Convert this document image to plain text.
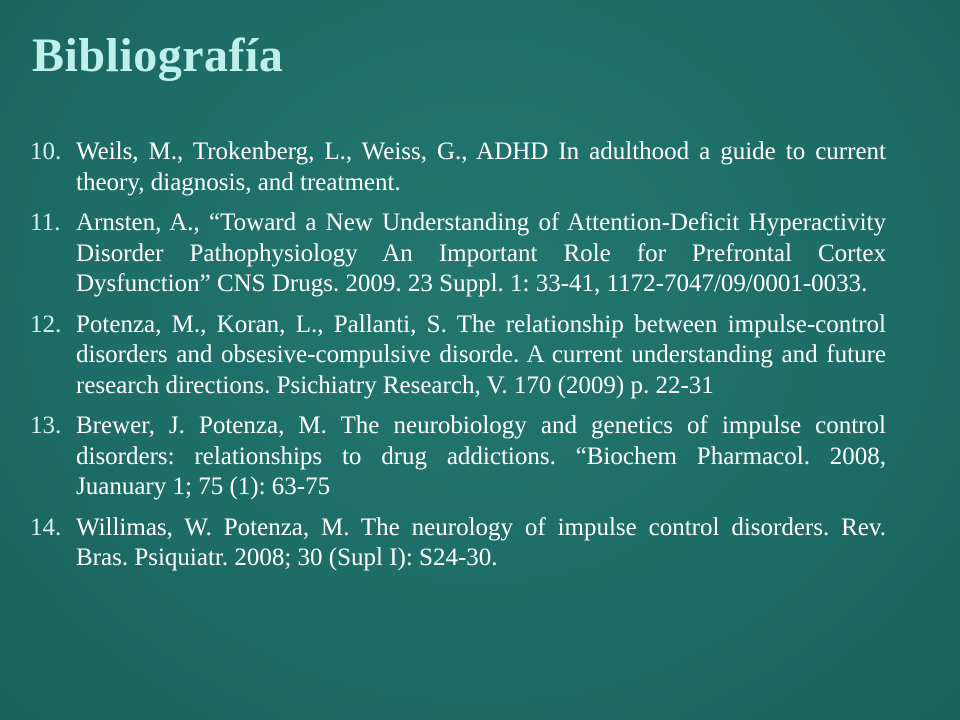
Bibliografía
10. Weils, M., Trokenberg, L., Weiss, G., ADHD In adulthood a guide to current theory, diagnosis, and treatment.
11. Arnsten, A., “Toward a New Understanding of Attention-Deficit Hyperactivity Disorder Pathophysiology An Important Role for Prefrontal Cortex Dysfunction” CNS Drugs. 2009. 23 Suppl. 1: 33-41, 1172-7047/09/0001-0033.
12. Potenza, M., Koran, L., Pallanti, S. The relationship between impulse-control disorders and obsesive-compulsive disorde. A current understanding and future research directions. Psichiatry Research, V. 170 (2009) p. 22-31
13. Brewer, J. Potenza, M. The neurobiology and genetics of impulse control disorders: relationships to drug addictions. “Biochem Pharmacol. 2008, Juanuary 1; 75 (1): 63-75
14. Willimas, W. Potenza, M. The neurology of impulse control disorders. Rev. Bras. Psiquiatr. 2008; 30 (Supl I): S24-30.
